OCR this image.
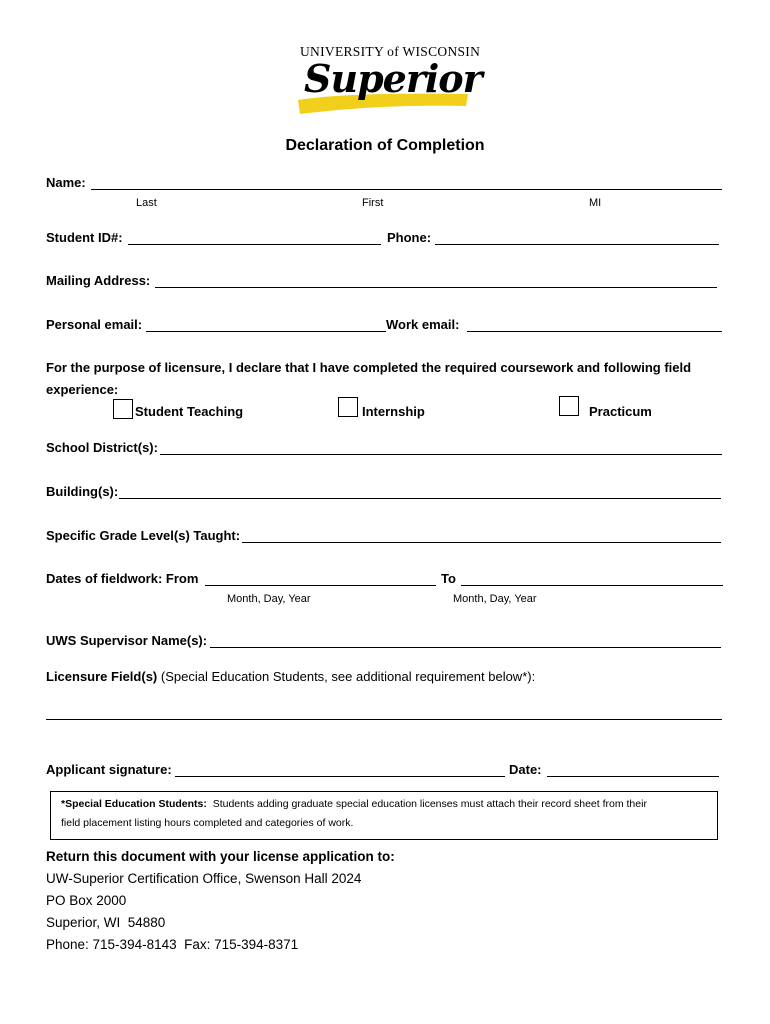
UNIVERSITY of WISCONSIN
Superior
Declaration of Completion
Name:
Last	First	MI
Student ID#:	Phone:
Mailing Address:
Personal email:	Work email:
For the purpose of licensure, I declare that I have completed the required coursework and following field
experience:
Student Teaching	Internship	Practicum
School District(s):
Building(s):
Specific Grade Level(s) Taught:
Dates of fieldwork: From	To
Month, Day, Year	Month, Day, Year
UWS Supervisor Name(s):
Licensure Field(s) (Special Education Students, see additional requirement below*):
Applicant signature:	Date:
*Special Education Students:  Students adding graduate special education licenses must attach their record sheet from their
field placement listing hours completed and categories of work.
Return this document with your license application to:
UW-Superior Certification Office, Swenson Hall 2024
PO Box 2000
Superior, WI  54880
Phone: 715-394-8143  Fax: 715-394-8371
